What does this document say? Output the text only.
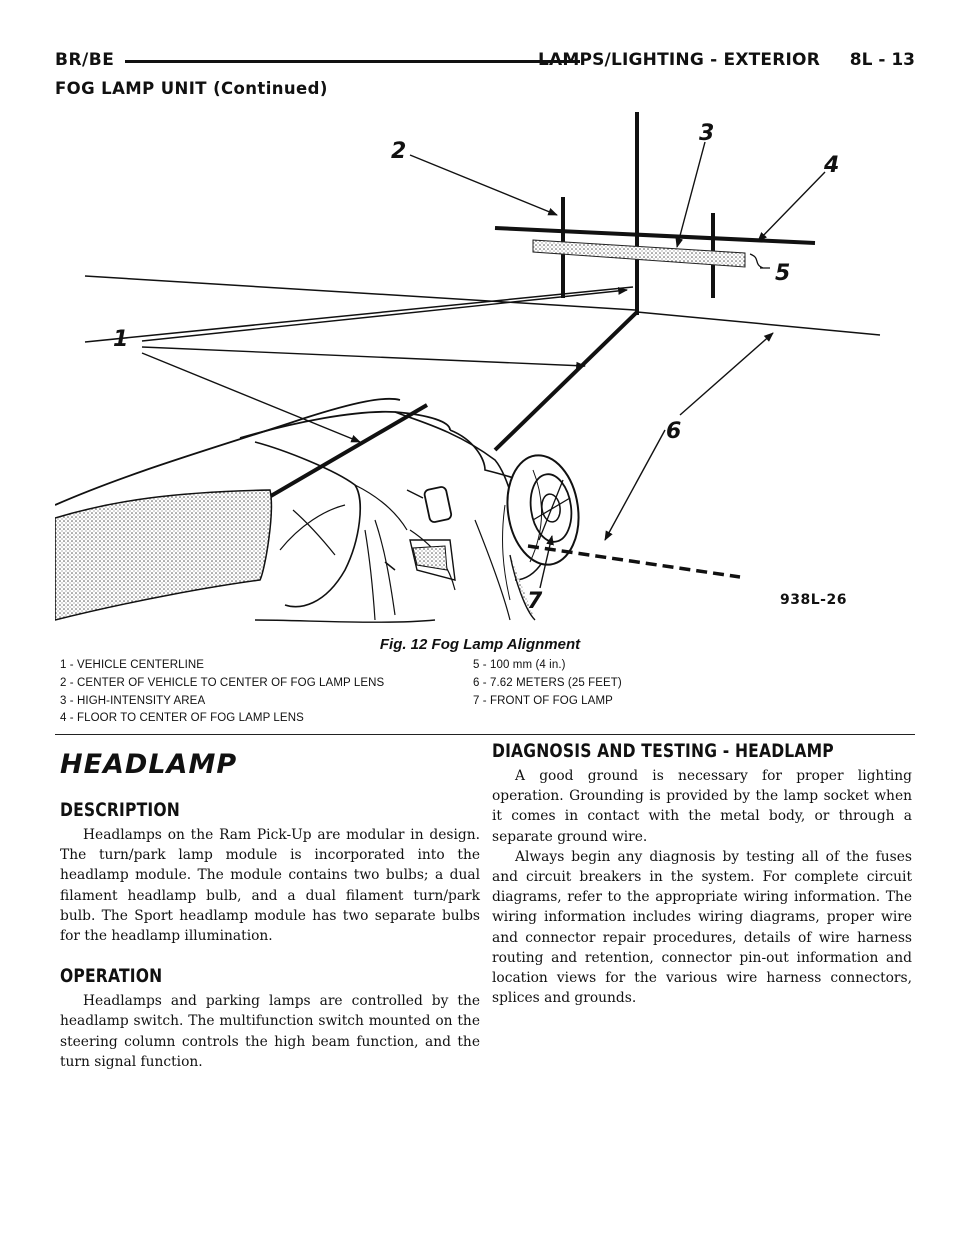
BR/BE	LAMPS/LIGHTING - EXTERIOR 8L - 13
FOG LAMP UNIT (Continued)
2
3
4
5
1
6
7	938L-26
Fig. 12 Fog Lamp Alignment
1 - VEHICLE CENTERLINE
2 - CENTER OF VEHICLE TO CENTER OF FOG LAMP LENS
3 - HIGH-INTENSITY AREA
4 - FLOOR TO CENTER OF FOG LAMP LENS
5 - 100 mm (4 in.)
6 - 7.62 METERS (25 FEET)
7 - FRONT OF FOG LAMP
HEADLAMP
DESCRIPTION

Headlamps on the Ram Pick-Up are modular in design. The turn/park lamp module is incorporated into the headlamp module. The module contains two bulbs; a dual filament headlamp bulb, and a dual filament turn/park bulb. The Sport headlamp module has two separate bulbs for the headlamp illumination.

OPERATION

Headlamps and parking lamps are controlled by the headlamp switch. The multifunction switch mounted on the steering column controls the high beam function, and the turn signal function.

DIAGNOSIS AND TESTING - HEADLAMP

A good ground is necessary for proper lighting operation. Grounding is provided by the lamp socket when it comes in contact with the metal body, or through a separate ground wire.

Always begin any diagnosis by testing all of the fuses and circuit breakers in the system. For complete circuit diagrams, refer to the appropriate wiring information. The wiring information includes wiring diagrams, proper wire and connector repair procedures, details of wire harness routing and retention, connector pin-out information and location views for the various wire harness connectors, splices and grounds.
